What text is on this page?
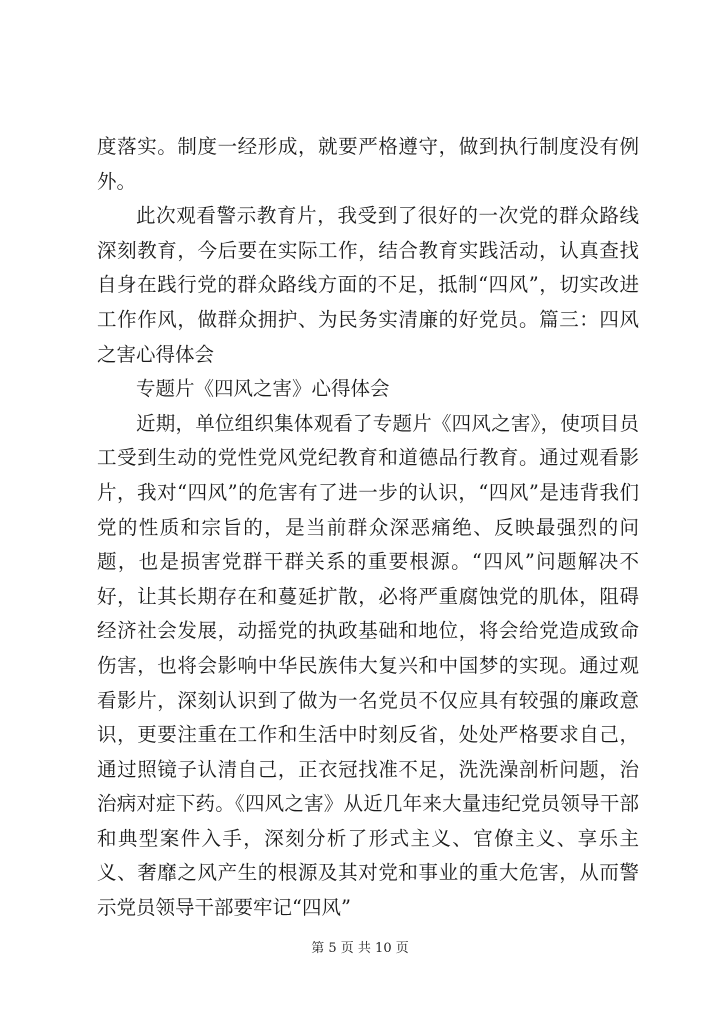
度落实。制度一经形成，就要严格遵守，做到执行制度没有例外。

此次观看警示教育片，我受到了很好的一次党的群众路线深刻教育，今后要在实际工作，结合教育实践活动，认真查找自身在践行党的群众路线方面的不足，抵制“四风”，切实改进工作作风，做群众拥护、为民务实清廉的好党员。篇三：四风之害心得体会

专题片《四风之害》心得体会

近期，单位组织集体观看了专题片《四风之害》，使项目员工受到生动的党性党风党纪教育和道德品行教育。通过观看影片，我对“四风”的危害有了进一步的认识，“四风”是违背我们党的性质和宗旨的，是当前群众深恶痛绝、反映最强烈的问题，也是损害党群干群关系的重要根源。“四风”问题解决不好，让其长期存在和蔓延扩散，必将严重腐蚀党的肌体，阻碍经济社会发展，动摇党的执政基础和地位，将会给党造成致命伤害，也将会影响中华民族伟大复兴和中国梦的实现。通过观看影片，深刻认识到了做为一名党员不仅应具有较强的廉政意识，更要注重在工作和生活中时刻反省，处处严格要求自己，通过照镜子认清自己，正衣冠找准不足，洗洗澡剖析问题，治治病对症下药。《四风之害》从近几年来大量违纪党员领导干部和典型案件入手，深刻分析了形式主义、官僚主义、享乐主义、奢靡之风产生的根源及其对党和事业的重大危害，从而警示党员领导干部要牢记“四风”

第 5 页 共 10 页
